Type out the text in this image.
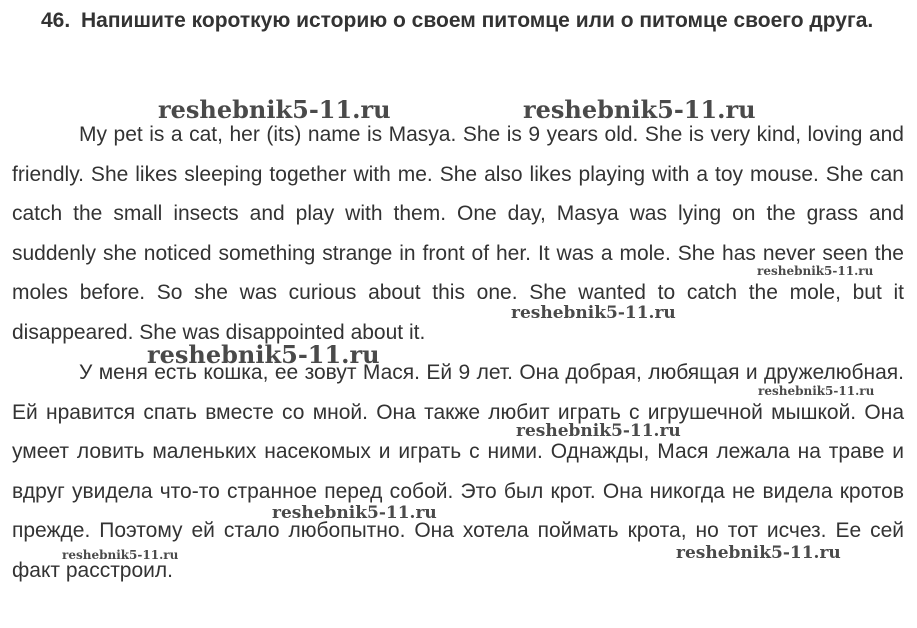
46. Напишите короткую историю о своем питомце или о питомце своего друга.

My pet is a cat, her (its) name is Masya. She is 9 years old. She is very kind, loving and friendly. She likes sleeping together with me. She also likes playing with a toy mouse. She can catch the small insects and play with them. One day, Masya was lying on the grass and suddenly she noticed something strange in front of her. It was a mole. She has never seen the moles before. So she was curious about this one. She wanted to catch the mole, but it disappeared. She was disappointed about it.

У меня есть кошка, ее зовут Мася. Ей 9 лет. Она добрая, любящая и дружелюбная. Ей нравится спать вместе со мной. Она также любит играть с игрушечной мышкой. Она умеет ловить маленьких насекомых и играть с ними. Однажды, Мася лежала на траве и вдруг увидела что-то странное перед собой. Это был крот. Она никогда не видела кротов прежде. Поэтому ей стало любопытно. Она хотела поймать крота, но тот исчез. Ее сей факт расстроил.

reshebnik5-11.ru	reshebnik5-11.ru
reshebnik5-11.ru
reshebnik5-11.ru
reshebnik5-11.ru
reshebnik5-11.ru
reshebnik5-11.ru
reshebnik5-11.ru
reshebnik5-11.ru	reshebnik5-11.ru
